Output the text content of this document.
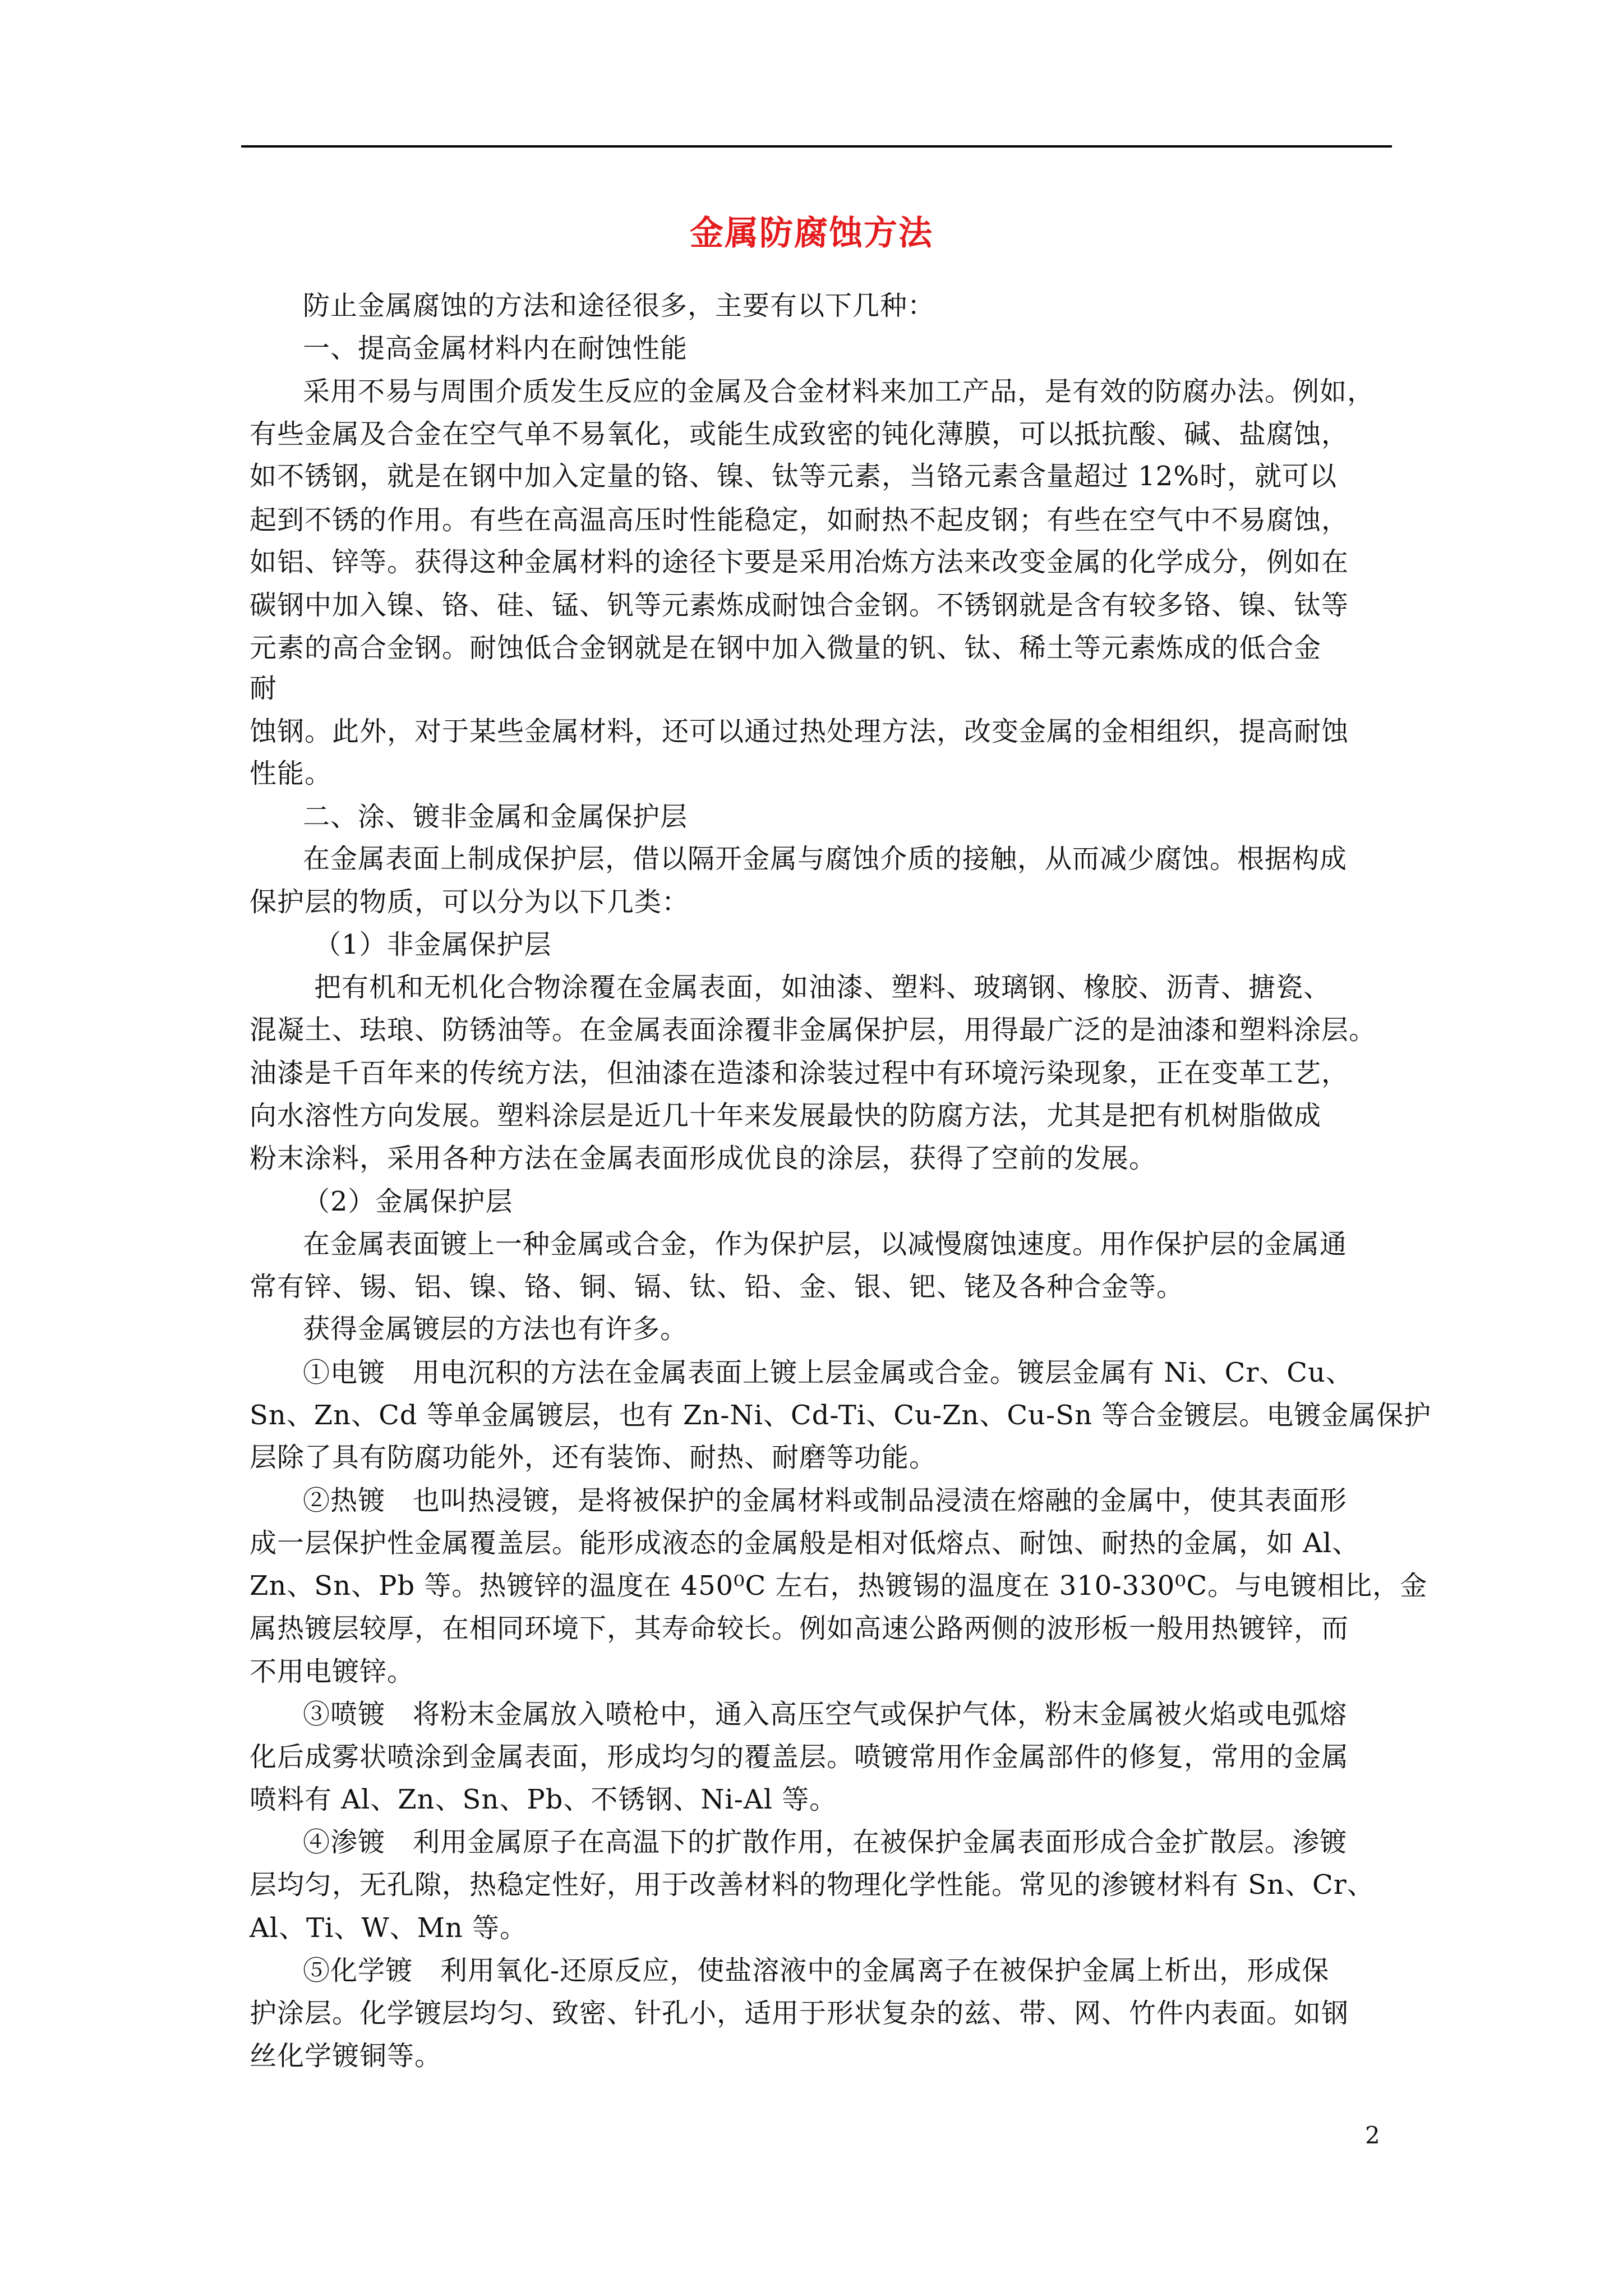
金属防腐蚀方法
防止金属腐蚀的方法和途径很多，主要有以下几种：
一、提高金属材料内在耐蚀性能
采用不易与周围介质发生反应的金属及合金材料来加工产品，是有效的防腐办法。例如，
有些金属及合金在空气单不易氧化，或能生成致密的钝化薄膜，可以抵抗酸、碱、盐腐蚀，
如不锈钢，就是在钢中加入定量的铬、镍、钛等元素，当铬元素含量超过 12%时，就可以
起到不锈的作用。有些在高温高压时性能稳定，如耐热不起皮钢；有些在空气中不易腐蚀，
如铝、锌等。获得这种金属材料的途径卞要是采用冶炼方法来改变金属的化学成分，例如在
碳钢中加入镍、铬、硅、锰、钒等元素炼成耐蚀合金钢。不锈钢就是含有较多铬、镍、钛等
元素的高合金钢。耐蚀低合金钢就是在钢中加入微量的钒、钛、稀土等元素炼成的低合金
耐
蚀钢。此外，对于某些金属材料，还可以通过热处理方法，改变金属的金相组织，提高耐蚀
性能。
二、涂、镀非金属和金属保护层
在金属表面上制成保护层，借以隔开金属与腐蚀介质的接触，从而减少腐蚀。根据构成
保护层的物质，可以分为以下几类：
（1）非金属保护层
把有机和无机化合物涂覆在金属表面，如油漆、塑料、玻璃钢、橡胶、沥青、搪瓷、
混凝土、珐琅、防锈油等。在金属表面涂覆非金属保护层，用得最广泛的是油漆和塑料涂层。
油漆是千百年来的传统方法，但油漆在造漆和涂装过程中有环境污染现象，正在变革工艺，
向水溶性方向发展。塑料涂层是近几十年来发展最快的防腐方法，尤其是把有机树脂做成
粉末涂料，采用各种方法在金属表面形成优良的涂层，获得了空前的发展。
（2）金属保护层
在金属表面镀上一种金属或合金，作为保护层，以减慢腐蚀速度。用作保护层的金属通
常有锌、锡、铝、镍、铬、铜、镉、钛、铅、金、银、钯、铑及各种合金等。
获得金属镀层的方法也有许多。
①电镀　用电沉积的方法在金属表面上镀上层金属或合金。镀层金属有 Ni、Cr、Cu、
Sn、Zn、Cd 等单金属镀层，也有 Zn-Ni、Cd-Ti、Cu-Zn、Cu-Sn 等合金镀层。电镀金属保护
层除了具有防腐功能外，还有装饰、耐热、耐磨等功能。
②热镀　也叫热浸镀，是将被保护的金属材料或制品浸渍在熔融的金属中，使其表面形
成一层保护性金属覆盖层。能形成液态的金属般是相对低熔点、耐蚀、耐热的金属，如 Al、
Zn、Sn、Pb 等。热镀锌的温度在 450⁰C 左右，热镀锡的温度在 310-330⁰C。与电镀相比，金
属热镀层较厚，在相同环境下，其寿命较长。例如高速公路两侧的波形板一般用热镀锌，而
不用电镀锌。
③喷镀　将粉末金属放入喷枪中，通入高压空气或保护气体，粉末金属被火焰或电弧熔
化后成雾状喷涂到金属表面，形成均匀的覆盖层。喷镀常用作金属部件的修复，常用的金属
喷料有 Al、Zn、Sn、Pb、不锈钢、Ni-Al 等。
④渗镀　利用金属原子在高温下的扩散作用，在被保护金属表面形成合金扩散层。渗镀
层均匀，无孔隙，热稳定性好，用于改善材料的物理化学性能。常见的渗镀材料有 Sn、Cr、
Al、Ti、W、Mn 等。
⑤化学镀　利用氧化-还原反应，使盐溶液中的金属离子在被保护金属上析出，形成保
护涂层。化学镀层均匀、致密、针孔小，适用于形状复杂的兹、带、网、竹件内表面。如钢
丝化学镀铜等。
2
